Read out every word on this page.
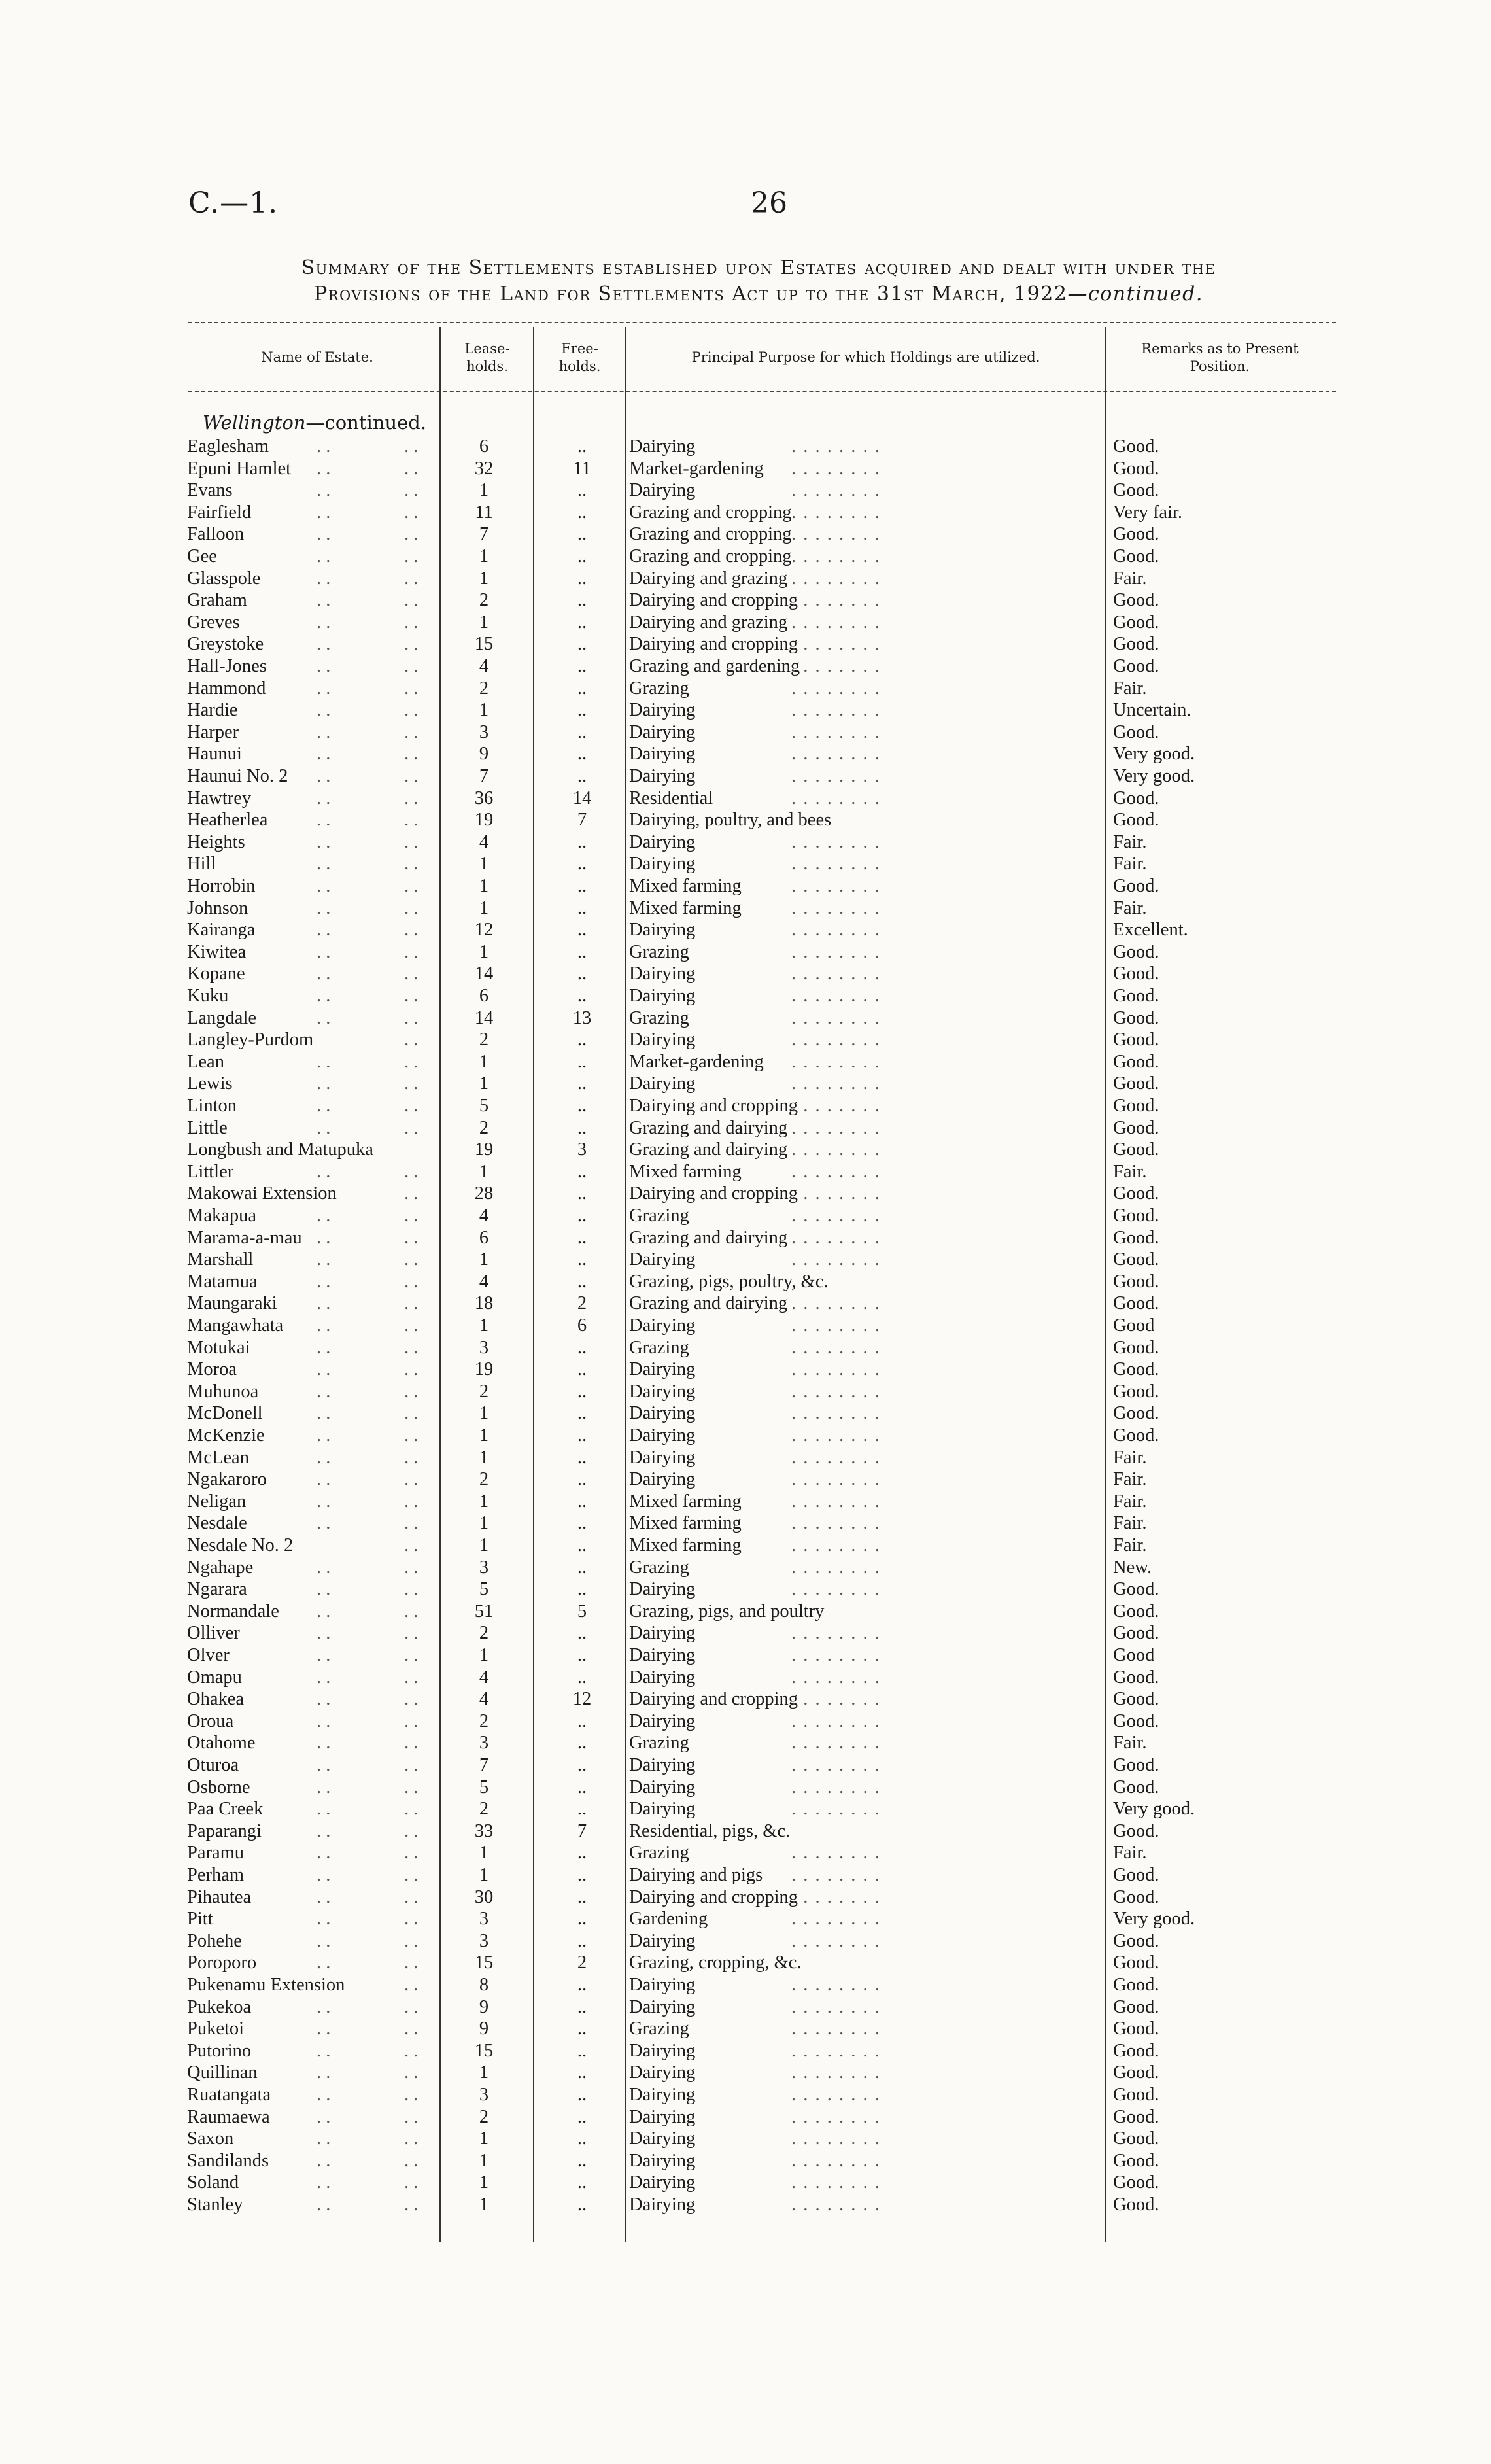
C.—1.	26
Summary of the Settlements established upon Estates acquired and dealt with under the
Provisions of the Land for Settlements Act up to the 31st March, 1922—continued.
Name of Estate.
Lease-
holds.
Free-
holds.
Principal Purpose for which Holdings are utilized.
Remarks as to Present
Position.
Wellington—continued.
Eaglesham	6	..	Dairying	Good.
. .	. .	. . . . . . . .
Epuni Hamlet	32	11	Market-gardening	Good.
. .	. .	. . . . . . . .
Evans	1	..	Dairying	Good.
. .	. .	. . . . . . . .
Fairfield	11	..	Grazing and cropping	Very fair.
. .	. .	. . . . . . . .
Falloon	7	..	Grazing and cropping	Good.
. .	. .	. . . . . . . .
Gee	1	..	Grazing and cropping	Good.
. .	. .	. . . . . . . .
Glasspole	1	..	Dairying and grazing	Fair.
. .	. .	. . . . . . . .
Graham	2	..	Dairying and cropping	Good.
. .	. .	. . . . . . . .
Greves	1	..	Dairying and grazing	Good.
. .	. .	. . . . . . . .
Greystoke	15	..	Dairying and cropping	Good.
. .	. .	. . . . . . . .
Hall-Jones	4	..	Grazing and gardening	Good.
. .	. .	. . . . . . . .
Hammond	2	..	Grazing	Fair.
. .	. .	. . . . . . . .
Hardie	1	..	Dairying	Uncertain.
. .	. .	. . . . . . . .
Harper	3	..	Dairying	Good.
. .	. .	. . . . . . . .
Haunui	9	..	Dairying	Very good.
. .	. .	. . . . . . . .
Haunui No. 2	7	..	Dairying	Very good.
. .	. .	. . . . . . . .
Hawtrey	36	14	Residential	Good.
. .	. .	. . . . . . . .
Heatherlea	19	7	Dairying, poultry, and bees	Good.
. .	. .
Heights	4	..	Dairying	Fair.
. .	. .	. . . . . . . .
Hill	1	..	Dairying	Fair.
. .	. .	. . . . . . . .
Horrobin	1	..	Mixed farming	Good.
. .	. .	. . . . . . . .
Johnson	1	..	Mixed farming	Fair.
. .	. .	. . . . . . . .
Kairanga	12	..	Dairying	Excellent.
. .	. .	. . . . . . . .
Kiwitea	1	..	Grazing	Good.
. .	. .	. . . . . . . .
Kopane	14	..	Dairying	Good.
. .	. .	. . . . . . . .
Kuku	6	..	Dairying	Good.
. .	. .	. . . . . . . .
Langdale	14	13	Grazing	Good.
. .	. .	. . . . . . . .
Langley-Purdom	2	..	Dairying	Good.
. .	. . . . . . . .
Lean	1	..	Market-gardening	Good.
. .	. .	. . . . . . . .
Lewis	1	..	Dairying	Good.
. .	. .	. . . . . . . .
Linton	5	..	Dairying and cropping	Good.
. .	. .	. . . . . . . .
Little	2	..	Grazing and dairying	Good.
. .	. .	. . . . . . . .
Longbush and Matupuka	19	3	Grazing and dairying	Good.
. . . . . . . .
Littler	1	..	Mixed farming	Fair.
. .	. .	. . . . . . . .
Makowai Extension	28	..	Dairying and cropping	Good.
. .	. . . . . . . .
Makapua	4	..	Grazing	Good.
. .	. .	. . . . . . . .
Marama-a-mau	6	..	Grazing and dairying	Good.
. .	. .	. . . . . . . .
Marshall	1	..	Dairying	Good.
. .	. .	. . . . . . . .
Matamua	4	..	Grazing, pigs, poultry, &c.	Good.
. .	. .
Maungaraki	18	2	Grazing and dairying	Good.
. .	. .	. . . . . . . .
Mangawhata	1	6	Dairying	Good
. .	. .	. . . . . . . .
Motukai	3	..	Grazing	Good.
. .	. .	. . . . . . . .
Moroa	19	..	Dairying	Good.
. .	. .	. . . . . . . .
Muhunoa	2	..	Dairying	Good.
. .	. .	. . . . . . . .
McDonell	1	..	Dairying	Good.
. .	. .	. . . . . . . .
McKenzie	1	..	Dairying	Good.
. .	. .	. . . . . . . .
McLean	1	..	Dairying	Fair.
. .	. .	. . . . . . . .
Ngakaroro	2	..	Dairying	Fair.
. .	. .	. . . . . . . .
Neligan	1	..	Mixed farming	Fair.
. .	. .	. . . . . . . .
Nesdale	1	..	Mixed farming	Fair.
. .	. .	. . . . . . . .
Nesdale No. 2	1	..	Mixed farming	Fair.
. .	. . . . . . . .
Ngahape	3	..	Grazing	New.
. .	. .	. . . . . . . .
Ngarara	5	..	Dairying	Good.
. .	. .	. . . . . . . .
Normandale	51	5	Grazing, pigs, and poultry	Good.
. .	. .
Olliver	2	..	Dairying	Good.
. .	. .	. . . . . . . .
Olver	1	..	Dairying	Good
. .	. .	. . . . . . . .
Omapu	4	..	Dairying	Good.
. .	. .	. . . . . . . .
Ohakea	4	12	Dairying and cropping	Good.
. .	. .	. . . . . . . .
Oroua	2	..	Dairying	Good.
. .	. .	. . . . . . . .
Otahome	3	..	Grazing	Fair.
. .	. .	. . . . . . . .
Oturoa	7	..	Dairying	Good.
. .	. .	. . . . . . . .
Osborne	5	..	Dairying	Good.
. .	. .	. . . . . . . .
Paa Creek	2	..	Dairying	Very good.
. .	. .	. . . . . . . .
Paparangi	33	7	Residential, pigs, &c.	Good.
. .	. .
Paramu	1	..	Grazing	Fair.
. .	. .	. . . . . . . .
Perham	1	..	Dairying and pigs	Good.
. .	. .	. . . . . . . .
Pihautea	30	..	Dairying and cropping	Good.
. .	. .	. . . . . . . .
Pitt	3	..	Gardening	Very good.
. .	. .	. . . . . . . .
Pohehe	3	..	Dairying	Good.
. .	. .	. . . . . . . .
Poroporo	15	2	Grazing, cropping, &c.	Good.
. .	. .
Pukenamu Extension	8	..	Dairying	Good.
. .	. . . . . . . .
Pukekoa	9	..	Dairying	Good.
. .	. .	. . . . . . . .
Puketoi	9	..	Grazing	Good.
. .	. .	. . . . . . . .
Putorino	15	..	Dairying	Good.
. .	. .	. . . . . . . .
Quillinan	1	..	Dairying	Good.
. .	. .	. . . . . . . .
Ruatangata	3	..	Dairying	Good.
. .	. .	. . . . . . . .
Raumaewa	2	..	Dairying	Good.
. .	. .	. . . . . . . .
Saxon	1	..	Dairying	Good.
. .	. .	. . . . . . . .
Sandilands	1	..	Dairying	Good.
. .	. .	. . . . . . . .
Soland	1	..	Dairying	Good.
. .	. .	. . . . . . . .
Stanley	1	..	Dairying	Good.
. .	. .	. . . . . . . .
